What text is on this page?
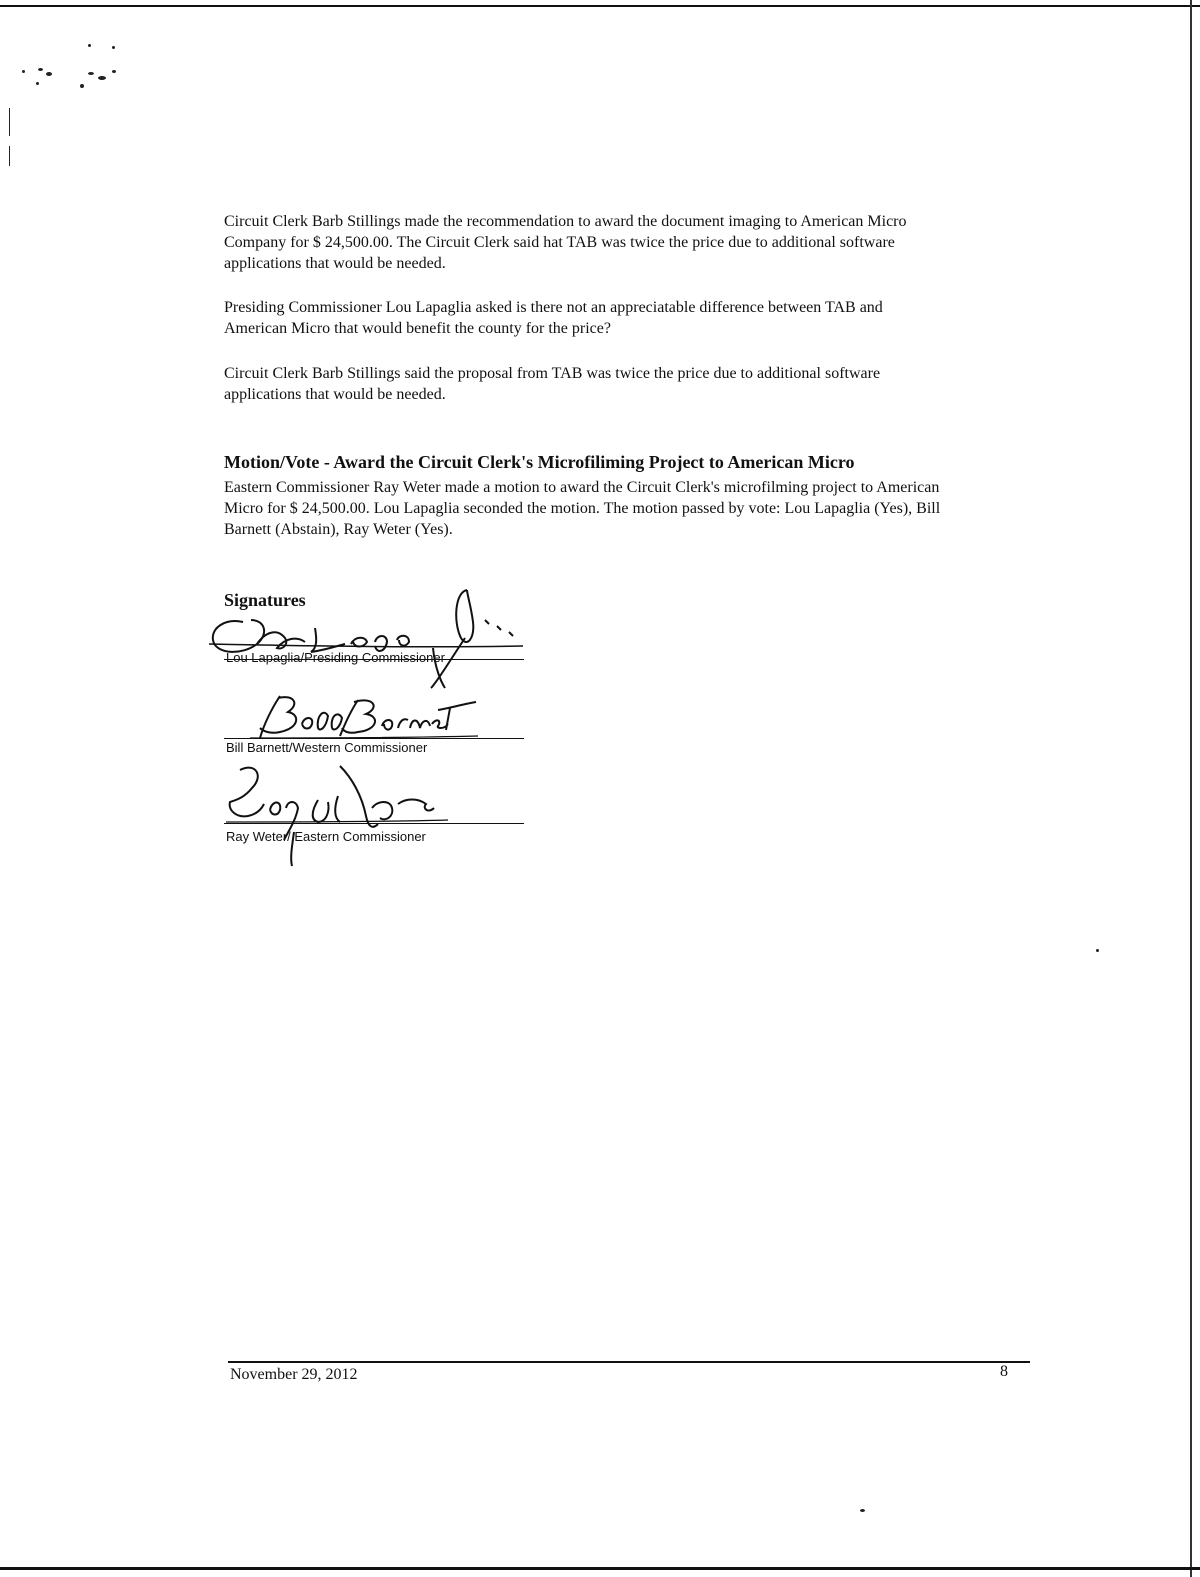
Circuit Clerk Barb Stillings made the recommendation to award the document imaging to American Micro Company for $ 24,500.00. The Circuit Clerk said hat TAB was twice the price due to additional software applications that would be needed.

Presiding Commissioner Lou Lapaglia asked is there not an appreciatable difference between TAB and American Micro that would benefit the county for the price?

Circuit Clerk Barb Stillings said the proposal from TAB was twice the price due to additional software applications that would be needed.

Motion/Vote - Award the Circuit Clerk's Microfiliming Project to American Micro

Eastern Commissioner Ray Weter made a motion to award the Circuit Clerk's microfilming project to American Micro for $ 24,500.00. Lou Lapaglia seconded the motion. The motion passed by vote: Lou Lapaglia (Yes), Bill Barnett (Abstain), Ray Weter (Yes).

Signatures
Lou Lapaglia/Presiding Commissioner
Bill Barnett/Western Commissioner
Ray Weter/ Eastern Commissioner
November 29, 2012	8
